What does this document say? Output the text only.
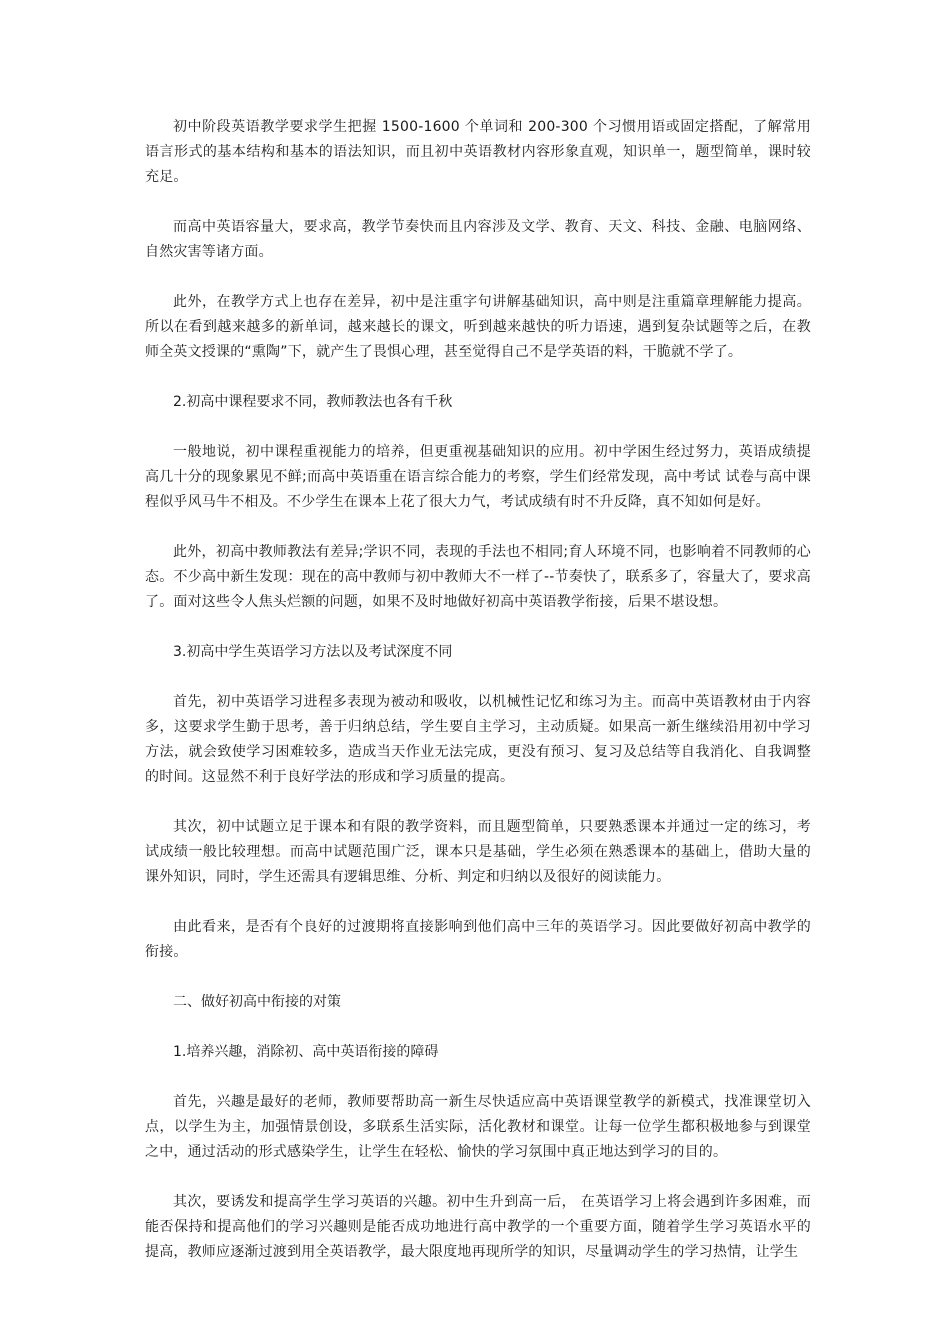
初中阶段英语教学要求学生把握 1500-1600 个单词和 200-300 个习惯用语或固定搭配，了解常用语言形式的基本结构和基本的语法知识，而且初中英语教材内容形象直观，知识单一，题型简单，课时较充足。

而高中英语容量大，要求高，教学节奏快而且内容涉及文学、教育、天文、科技、金融、电脑网络、自然灾害等诸方面。

此外，在教学方式上也存在差异，初中是注重字句讲解基础知识，高中则是注重篇章理解能力提高。所以在看到越来越多的新单词，越来越长的课文，听到越来越快的听力语速，遇到复杂试题等之后，在教师全英文授课的“熏陶”下，就产生了畏惧心理，甚至觉得自己不是学英语的料，干脆就不学了。

2.初高中课程要求不同，教师教法也各有千秋

一般地说，初中课程重视能力的培养，但更重视基础知识的应用。初中学困生经过努力，英语成绩提高几十分的现象累见不鲜;而高中英语重在语言综合能力的考察，学生们经常发现，高中考试 试卷与高中课程似乎风马牛不相及。不少学生在课本上花了很大力气，考试成绩有时不升反降，真不知如何是好。

此外，初高中教师教法有差异;学识不同，表现的手法也不相同;育人环境不同，也影响着不同教师的心态。不少高中新生发现：现在的高中教师与初中教师大不一样了--节奏快了，联系多了，容量大了，要求高了。面对这些令人焦头烂额的问题，如果不及时地做好初高中英语教学衔接，后果不堪设想。

3.初高中学生英语学习方法以及考试深度不同

首先，初中英语学习进程多表现为被动和吸收，以机械性记忆和练习为主。而高中英语教材由于内容多，这要求学生勤于思考，善于归纳总结，学生要自主学习，主动质疑。如果高一新生继续沿用初中学习方法，就会致使学习困难较多，造成当天作业无法完成，更没有预习、复习及总结等自我消化、自我调整的时间。这显然不利于良好学法的形成和学习质量的提高。

其次，初中试题立足于课本和有限的教学资料，而且题型简单，只要熟悉课本并通过一定的练习，考试成绩一般比较理想。而高中试题范围广泛，课本只是基础，学生必须在熟悉课本的基础上，借助大量的课外知识，同时，学生还需具有逻辑思维、分析、判定和归纳以及很好的阅读能力。

由此看来，是否有个良好的过渡期将直接影响到他们高中三年的英语学习。因此要做好初高中教学的衔接。

二、做好初高中衔接的对策

1.培养兴趣，消除初、高中英语衔接的障碍

首先，兴趣是最好的老师，教师要帮助高一新生尽快适应高中英语课堂教学的新模式，找准课堂切入点，以学生为主，加强情景创设，多联系生活实际，活化教材和课堂。让每一位学生都积极地参与到课堂之中，通过活动的形式感染学生，让学生在轻松、愉快的学习氛围中真正地达到学习的目的。

其次，要诱发和提高学生学习英语的兴趣。初中生升到高一后， 在英语学习上将会遇到许多困难，而能否保持和提高他们的学习兴趣则是能否成功地进行高中教学的一个重要方面，随着学生学习英语水平的提高，教师应逐渐过渡到用全英语教学，最大限度地再现所学的知识，尽量调动学生的学习热情，让学生
